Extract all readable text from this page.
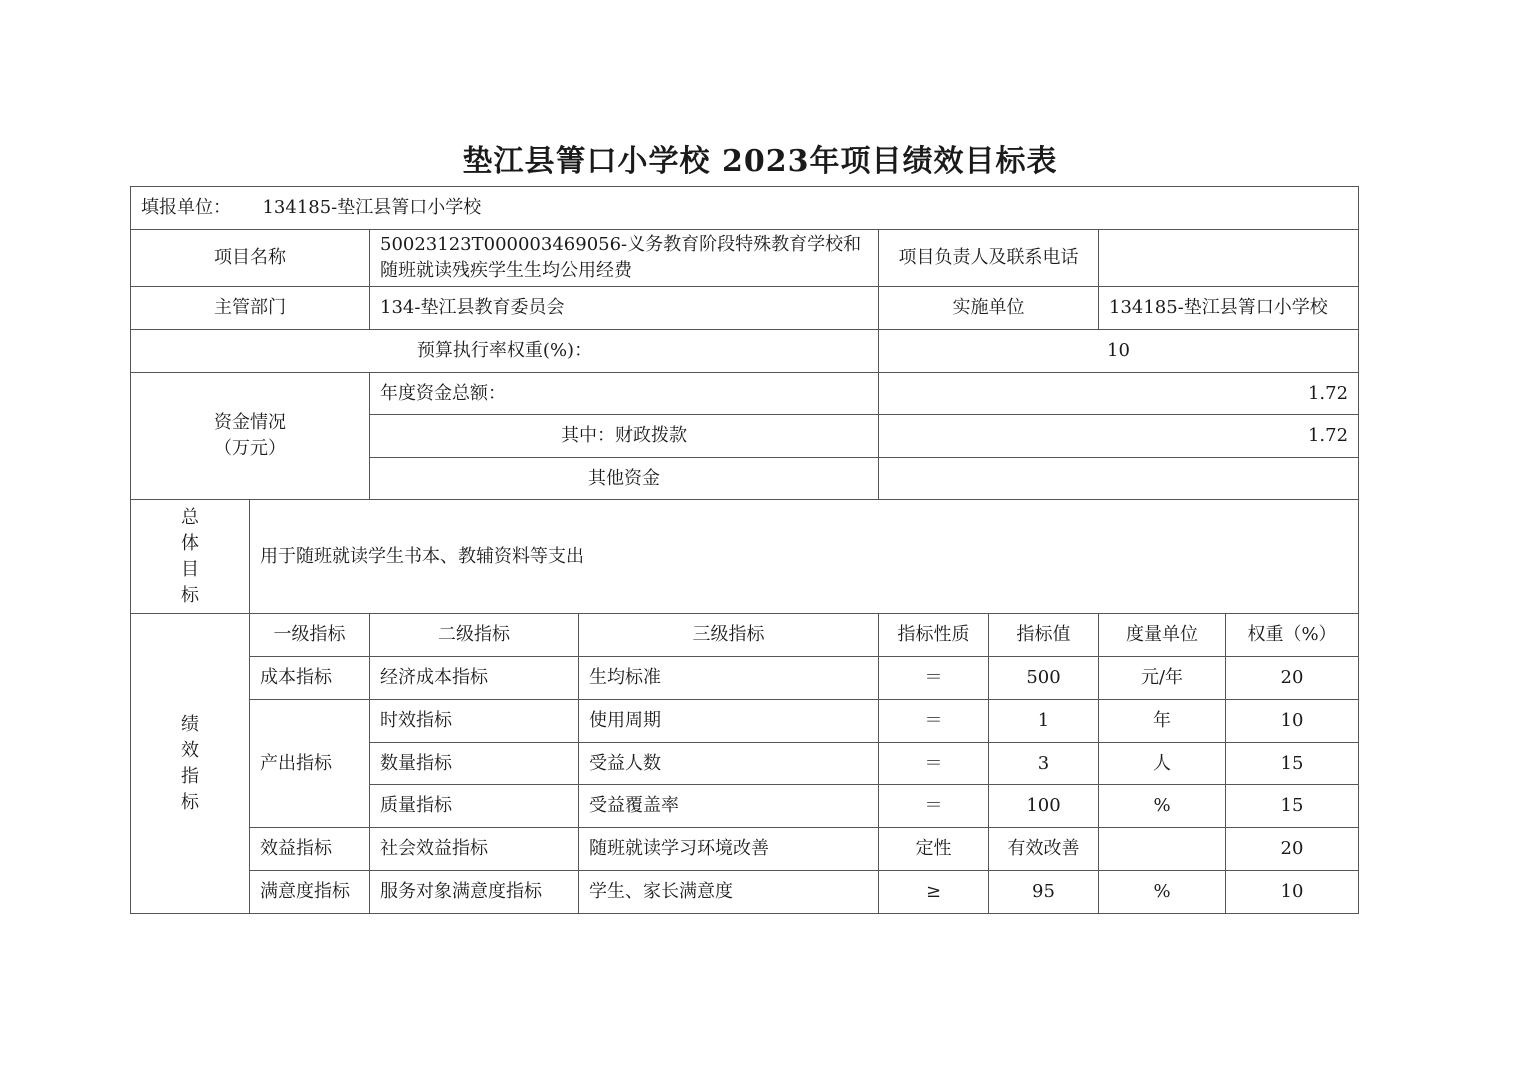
垫江县箐口小学校 2023年项目绩效目标表
填报单位： 134185-垫江县箐口小学校							
项目名称		50023123T000003469056-义务教育阶段特殊教育学校和
随班就读残疾学生生均公用经费		项目负责人及联系电话			
主管部门		134-垫江县教育委员会		实施单位		134185-垫江县箐口小学校	
预算执行率权重(%)：				10			

资金情况
（万元）		年度资金总额：		1.72			
		其中：财政拨款		1.72			
		其他资金					

总
体
目
标	用于随班就读学生书本、教辅资料等支出						

绩
效
指
标	一级指标	二级指标	三级指标	指标性质	指标值	度量单位	权重（%）
	成本指标	经济成本指标	生均标准	＝	500	元/年	20
	产出指标	时效指标	使用周期	＝	1	年	10
		数量指标	受益人数	＝	3	人	15
		质量指标	受益覆盖率	＝	100	%	15
	效益指标	社会效益指标	随班就读学习环境改善	定性	有效改善		20
	满意度指标	服务对象满意度指标	学生、家长满意度	≥	95	%	10
